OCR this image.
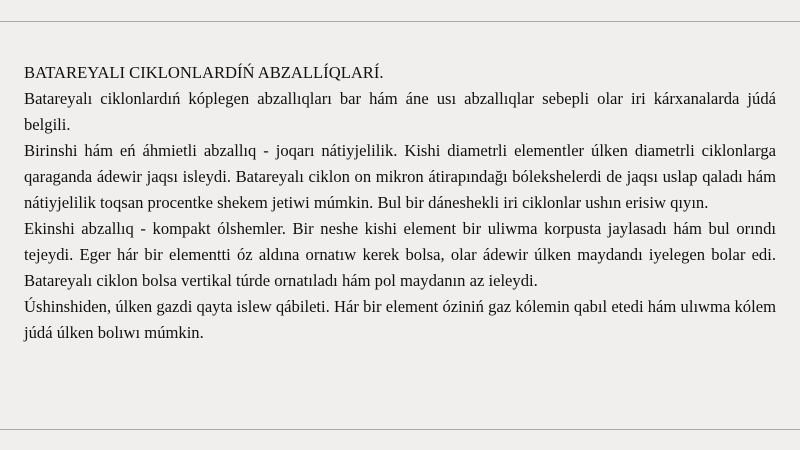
BATAREYALI CIKLONLARDÍŃ ABZALLÍQLARÍ.

Batareyalı ciklonlardıń kóplegen abzallıqları bar hám áne usı abzallıqlar sebepli olar iri kárxanalarda júdá belgili.

Birinshi hám eń áhmietli abzallıq - joqarı nátiyjelilik. Kishi diametrli elementler úlken diametrli ciklonlarga qaraganda ádewir jaqsı isleydi. Batareyalı ciklon on mikron átirapındağı bólekshelerdi de jaqsı uslap qaladı hám nátiyjelilik toqsan procentke shekem jetiwi múmkin. Bul bir dáneshekli iri ciklonlar ushın erisiw qıyın.

Ekinshi abzallıq - kompakt ólshemler. Bir neshe kishi element bir uliwma korpusta jaylasadı hám bul orındı tejeydi. Eger hár bir elementti óz aldına ornatıw kerek bolsa, olar ádewir úlken maydandı iyelegen bolar edi. Batareyalı ciklon bolsa vertikal túrde ornatıladı hám pol maydanın az ieleydi.

Úshinshiden, úlken gazdi qayta islew qábileti. Hár bir element óziniń gaz kólemin qabıl etedi hám ulıwma kólem júdá úlken bolıwı múmkin.
